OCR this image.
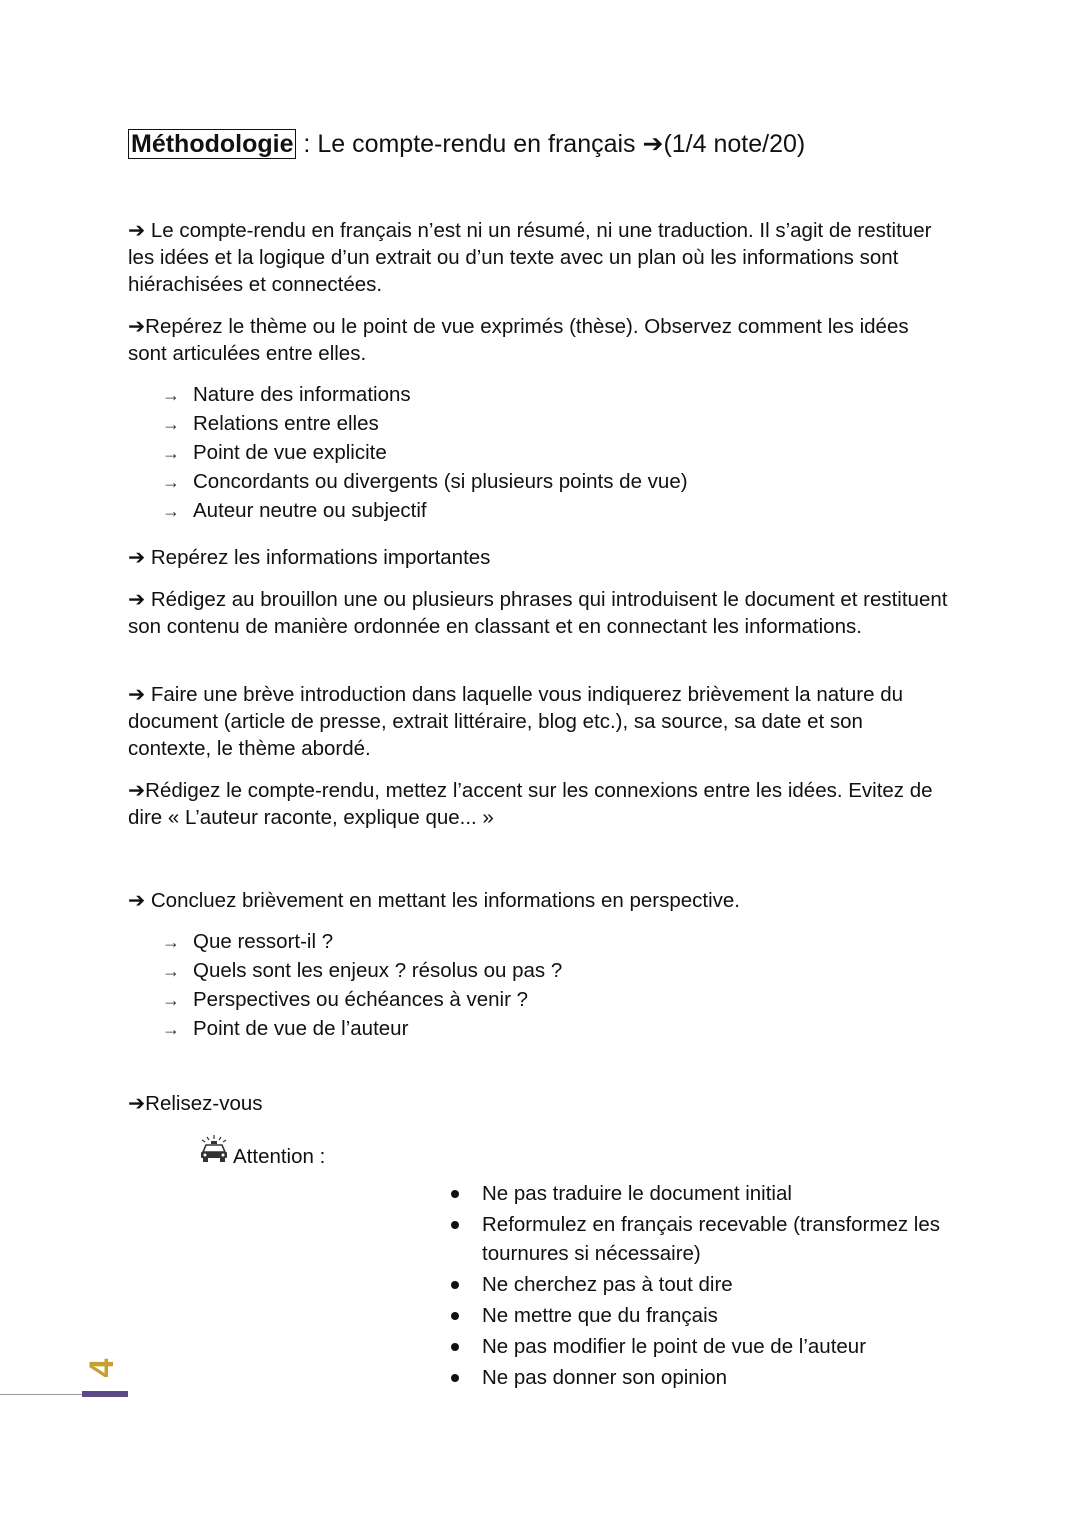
Méthodologie : Le compte-rendu en français ➔(1/4 note/20)

➔ Le compte-rendu en français n’est ni un résumé, ni une traduction. Il s’agit de restituer les idées et la logique d’un extrait ou d’un texte avec un plan où les informations sont hiérachisées et connectées.

➔Repérez le thème ou le point de vue exprimés (thèse). Observez comment les idées sont articulées entre elles.

→ Nature des informations
→ Relations entre elles
→ Point de vue explicite
→ Concordants ou divergents (si plusieurs points de vue)
→ Auteur neutre ou subjectif

➔ Repérez les informations importantes

➔ Rédigez au brouillon une ou plusieurs phrases qui introduisent le document et restituent son contenu de manière ordonnée en classant et en connectant les informations.

➔ Faire une brève introduction dans laquelle vous indiquerez brièvement la nature du document (article de presse, extrait littéraire, blog etc.), sa source, sa date et son contexte, le thème abordé.

➔Rédigez le compte-rendu, mettez l’accent sur les connexions entre les idées. Evitez de dire « L’auteur raconte, explique que... »

➔ Concluez brièvement en mettant les informations en perspective.

→ Que ressort-il ?
→ Quels sont les enjeux ? résolus ou pas ?
→ Perspectives ou échéances à venir ?
→ Point de vue de l’auteur

➔Relisez-vous

Attention :
Ne pas traduire le document initial
Reformulez en français recevable (transformez les tournures si nécessaire)
Ne cherchez pas à tout dire
Ne mettre que du français
Ne pas modifier le point de vue de l’auteur
Ne pas donner son opinion
4
